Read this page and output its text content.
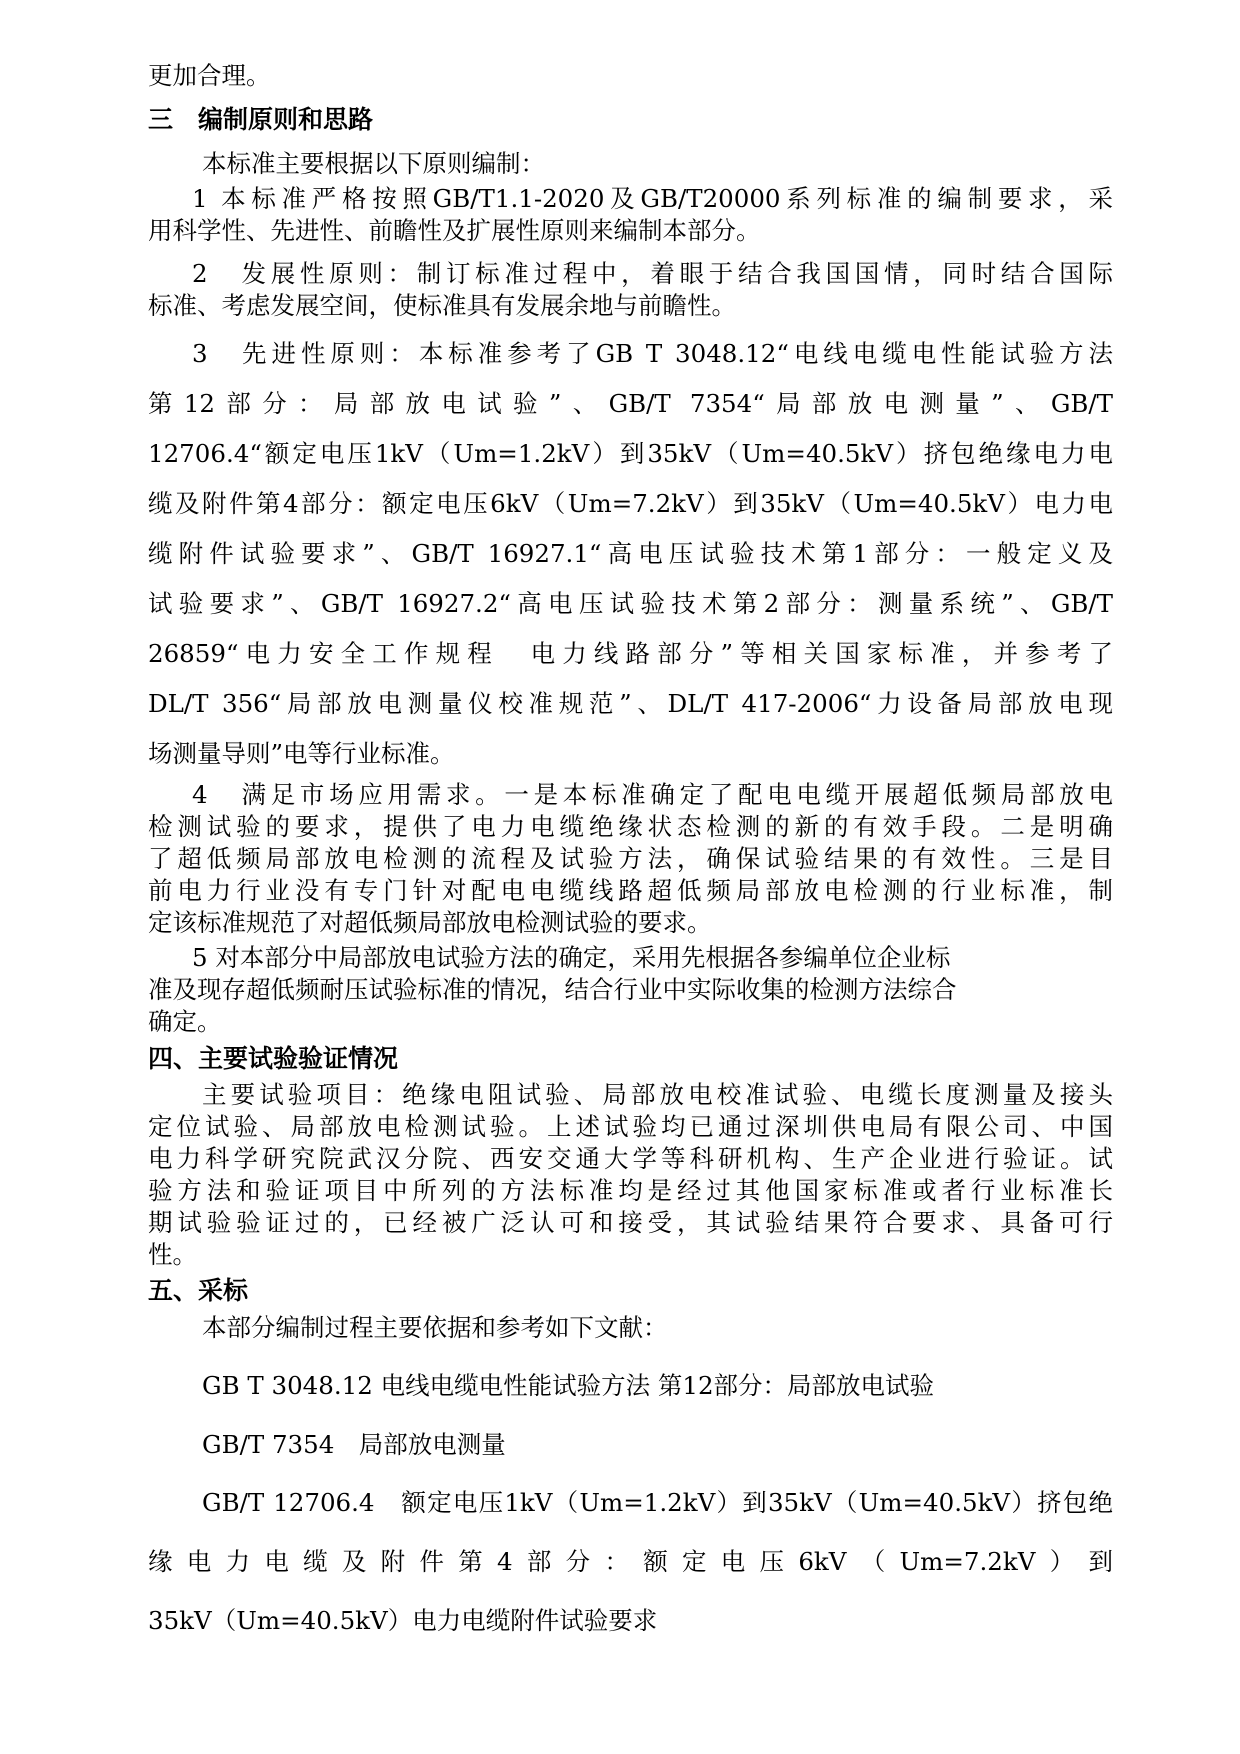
更加合理。
三　编制原则和思路
本标准主要根据以下原则编制：
1 本标准严格按照GB/T1.1-2020及GB/T20000系列标准的编制要求，采
用科学性、先进性、前瞻性及扩展性原则来编制本部分。
2　发展性原则：制订标准过程中，着眼于结合我国国情，同时结合国际
标准、考虑发展空间，使标准具有发展余地与前瞻性。
3　先进性原则：本标准参考了GB T 3048.12“电线电缆电性能试验方法
第12部分：局部放电试验”、GB/T 7354“局部放电测量”、GB/T
12706.4“额定电压1kV（Um=1.2kV）到35kV（Um=40.5kV）挤包绝缘电力电
缆及附件第4部分：额定电压6kV（Um=7.2kV）到35kV（Um=40.5kV）电力电
缆附件试验要求”、GB/T 16927.1“高电压试验技术第1部分：一般定义及
试验要求”、GB/T 16927.2“高电压试验技术第2部分：测量系统”、GB/T
26859“电力安全工作规程　电力线路部分”等相关国家标准，并参考了
DL/T 356“局部放电测量仪校准规范”、DL/T 417-2006“力设备局部放电现
场测量导则”电等行业标准。
4　满足市场应用需求。一是本标准确定了配电电缆开展超低频局部放电
检测试验的要求，提供了电力电缆绝缘状态检测的新的有效手段。二是明确
了超低频局部放电检测的流程及试验方法，确保试验结果的有效性。三是目
前电力行业没有专门针对配电电缆线路超低频局部放电检测的行业标准，制
定该标准规范了对超低频局部放电检测试验的要求。
5 对本部分中局部放电试验方法的确定，采用先根据各参编单位企业标
准及现存超低频耐压试验标准的情况，结合行业中实际收集的检测方法综合
确定。
四、主要试验验证情况
主要试验项目：绝缘电阻试验、局部放电校准试验、电缆长度测量及接头
定位试验、局部放电检测试验。上述试验均已通过深圳供电局有限公司、中国
电力科学研究院武汉分院、西安交通大学等科研机构、生产企业进行验证。试
验方法和验证项目中所列的方法标准均是经过其他国家标准或者行业标准长
期试验验证过的，已经被广泛认可和接受，其试验结果符合要求、具备可行
性。
五、采标
本部分编制过程主要依据和参考如下文献：
GB T 3048.12 电线电缆电性能试验方法 第12部分：局部放电试验
GB/T 7354　局部放电测量
GB/T 12706.4　额定电压1kV（Um=1.2kV）到35kV（Um=40.5kV）挤包绝
缘电力电缆及附件第4部分：额定电压6kV（Um=7.2kV）到
35kV（Um=40.5kV）电力电缆附件试验要求
